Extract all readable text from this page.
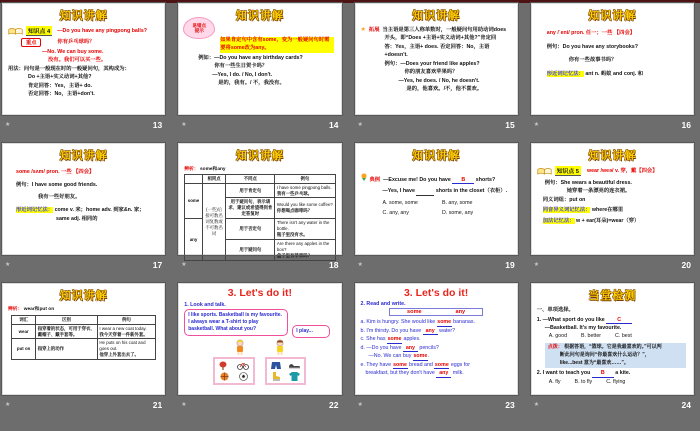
知识讲解
知识点 4	—Do you have any pingpong balls?
重点	你有乒乓球吗？
—No. We can buy some.
没有。我们可以买一些。
用法：问句是一般现在时的一般疑问句，其构成为：
Do +主语+实义动词+其他?
肯定回答：Yes，主语+ do.
否定回答：No，主语+don't.
★	13
知识讲解
易错点
提示
如果肯定句中含有some，变为一般疑问句时需要将some改为any。
例如：—Do you have any birthday cards?
你有一些生日贺卡吗？
—Yes, I do. / No, I don't.
是的，我有。/ 不，我没有。
★	14
知识讲解
★ 拓展 当主语是第三人称单数时，一般疑问句用助动词does
开头，即“Does +主语+实义动词+其他?”肯定回
答：Yes，主语+ does. 否定回答：No，主语+doesn't.
例句：—Does your friend like apples?
你的朋友喜欢苹果吗？
—Yes, he does. / No, he doesn't.
是的，他喜欢。/不，他不喜欢。
★	15
知识讲解
any /ˈeni/ pron. 任一；一些 【四会】
例句：Do you have any storybooks?
你有一些故事书吗？
形近词记忆法： ant n. 蚂蚁 and conj. 和
★	16
知识讲解
some /sʌm/ pron. 一些 【四会】
例句：I have some good friends.
我有一些好朋友。
形近词记忆法： come v. 来；home adv. 到家&n. 家；
same adj. 相同的
★	17
知识讲解
辨析： some和any
	相同点	不同点	例句
some	(一些)后接可数名词复数或不可数名词	用于肯定句	I have some pingpong balls.
我有一些乒乓球。
		用于疑问句，表示请求、建议或希望得到肯定答复时	Would you like some coffee?
你想喝点咖啡吗？
any		用于否定句	There isn't any water in the bottle.
瓶子里没有水。
		用于疑问句	Are there any apples in the box?
盒子里有苹果吗？
★	18
知识讲解
典例 —Excuse me! Do you have B shorts?
—Yes, I have	shorts in the closet（衣柜）.
A. some, some	B. any, some
C. any, any	D. some, any
★	19
知识讲解
知识点 5	wear /weə/ v. 穿，戴【四会】
例句：She wears a beautiful dress.
她穿着一条漂亮的连衣裙。
同义词组：put on
同音异义词记忆法： where在哪里
加法记忆法： w + ear(耳朵)=wear（穿）
★	20
知识讲解
辨析： wear和put on
词汇	区别	例句
wear	指穿着的状态，可用于穿衣、戴帽子、戴手套等。	I wear a new coat today.
我今天穿着一件新外套。
put on	指穿上的动作	He puts on his coat and goes out.
他穿上外套出去了。
★	21
3. Let's do it!
1. Look and talk.
I like sports. Basketball is my favourite. I always wear a T-shirt to play basketball. What about you?	I play...
★	22
3. Let's do it!
2. Read and write.
some	any
a. Kim is hungry. She would like some bananas.
b. I'm thirsty. Do you have any water?
c. She has some apples.
d. —Do you have any pencils?
—No. We can buy some.
e. They have some bread and some eggs for
breakfast, but they don't have any milk.
★	23
当堂检测
一、单项选择。
1. —What sport do you like C
—Basketball. It's my favourite.
A. good	B. better	C. best
点拨： 根据答语，“篮球。它是我最喜欢的。”可以判
断此问句是询问“你最喜欢什么运动？”，
like...best 意为“最喜欢……”。
2. I want to teach you B a kite.
A. fly	B. to fly	C. flying
★	24
